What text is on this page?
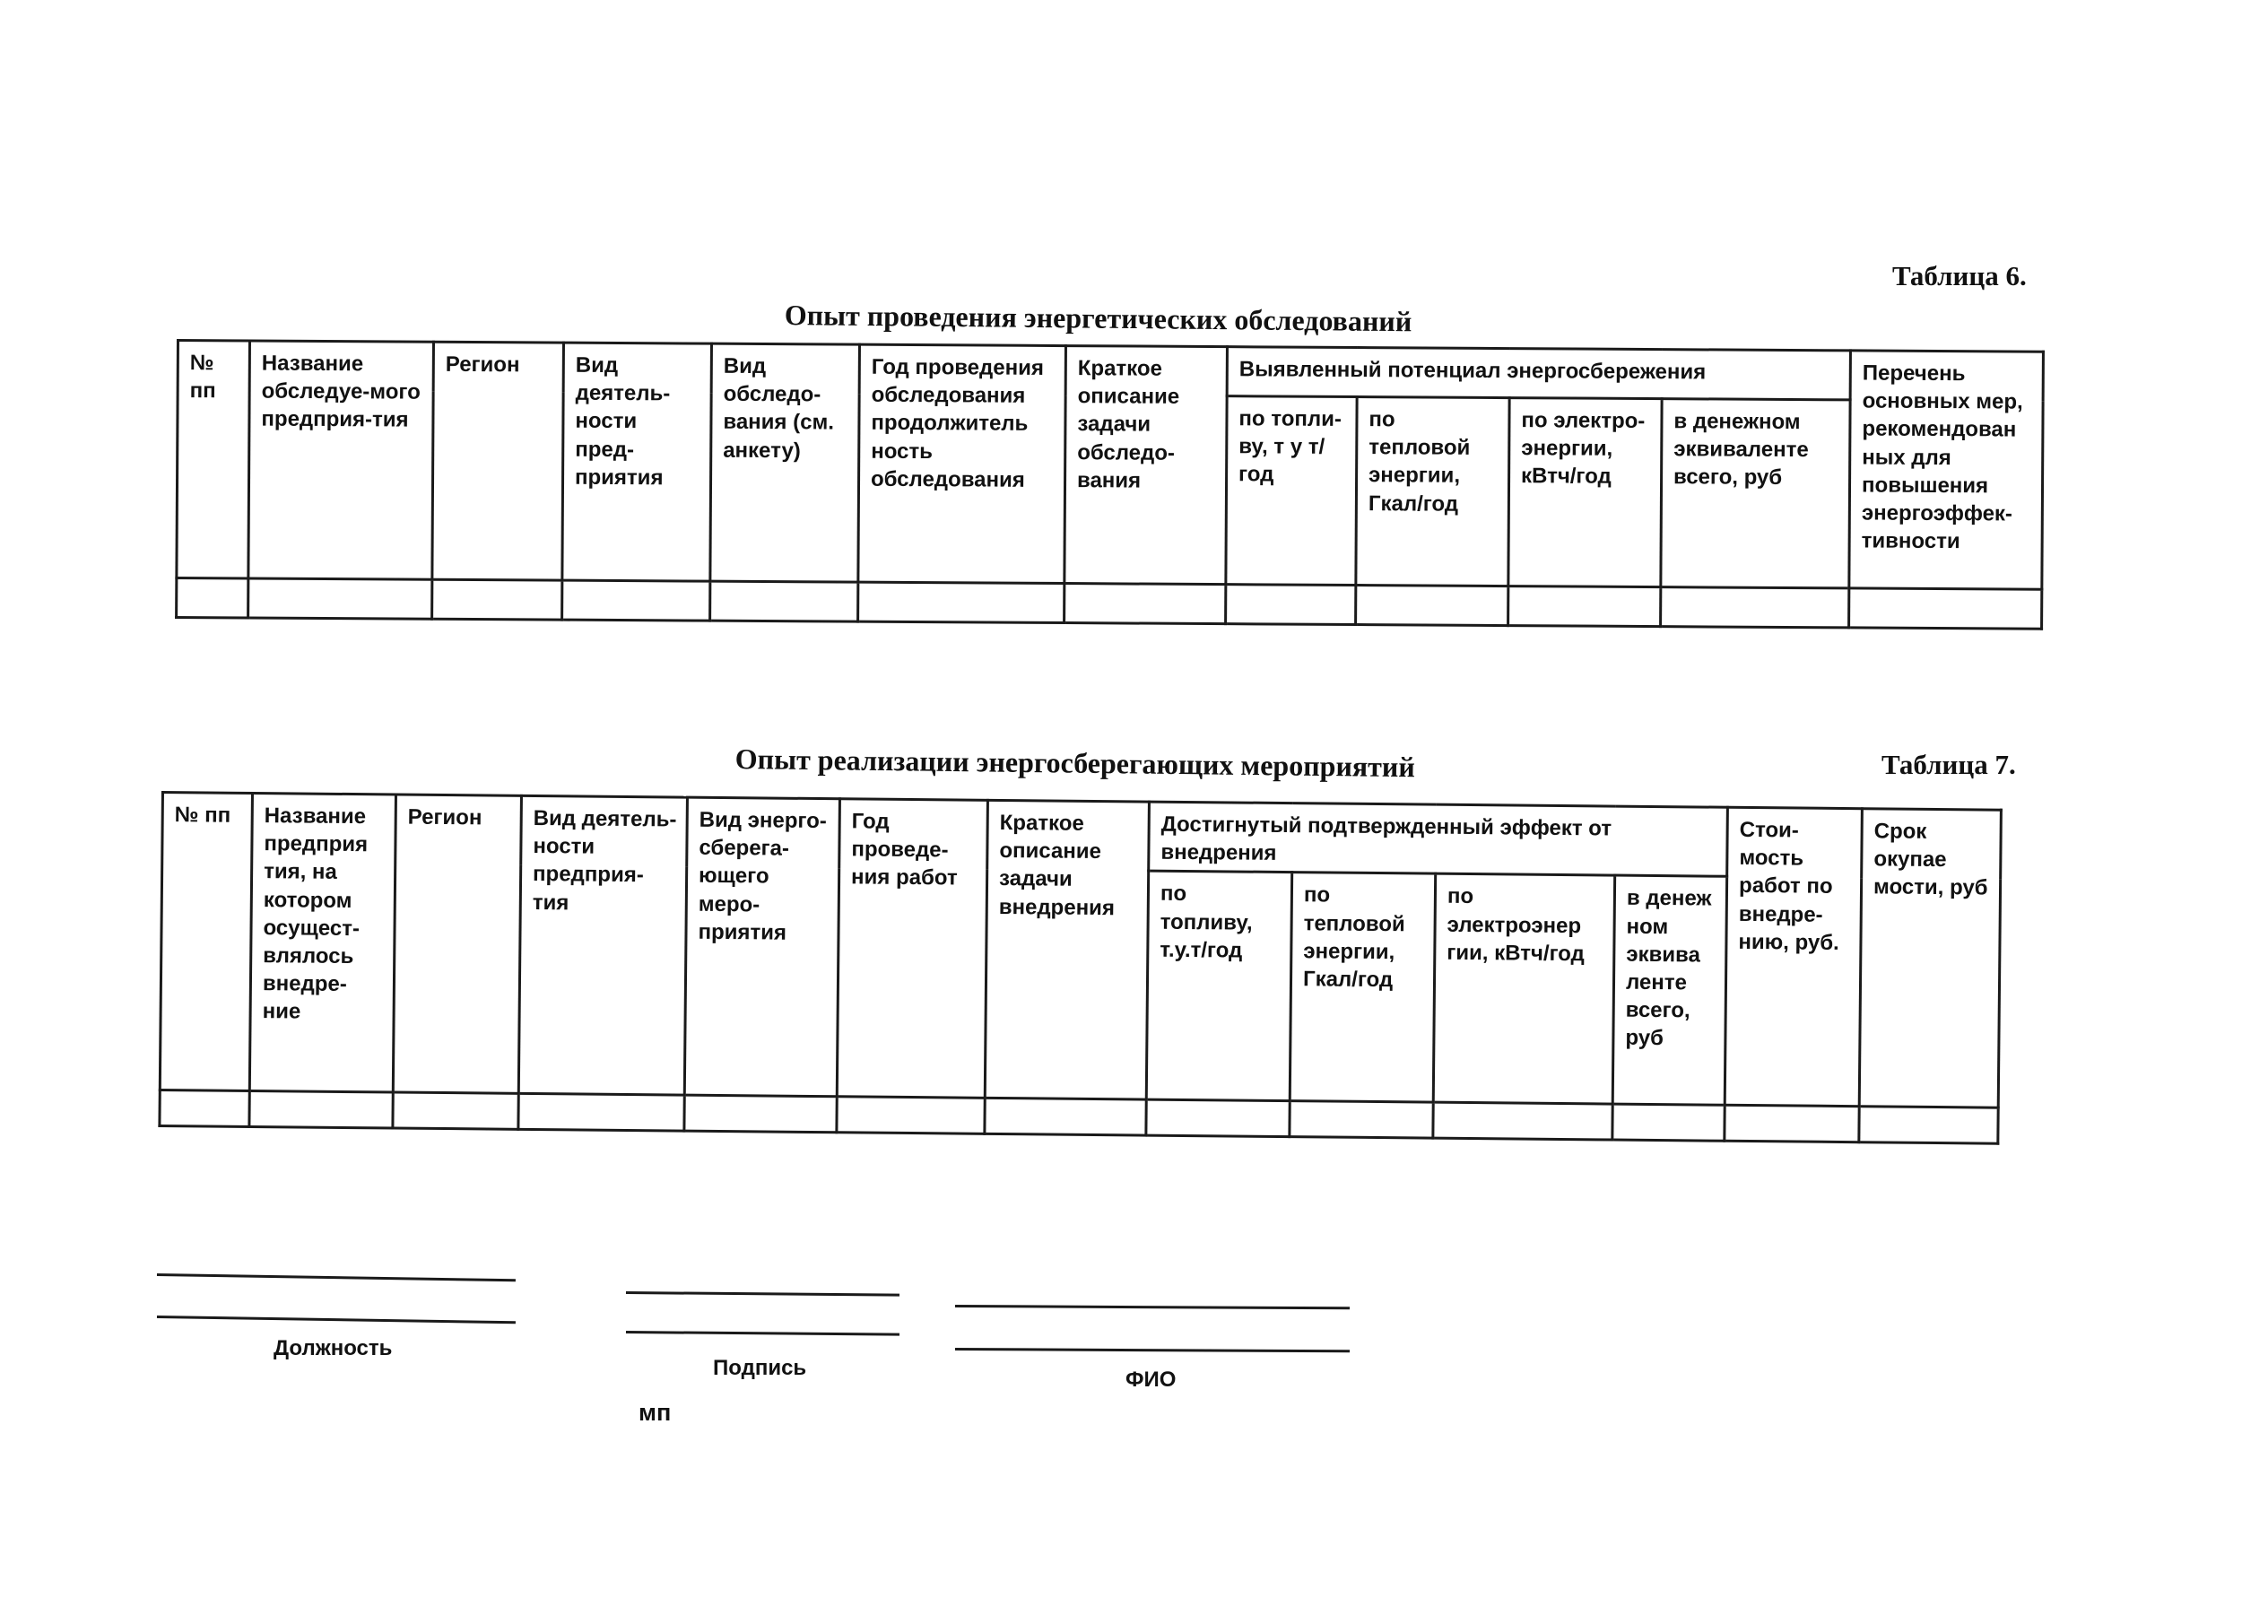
Таблица 6.
Опыт проведения энергетических обследований
№ пп	Название обследуе-мого предприя-тия	Регион	Вид деятель-ности пред-приятия	Вид обследо-вания (см. анкету)	Год проведения обследования продолжитель ность обследования	Краткое описание задачи обследо-вания	Выявленный потенциал энергосбережения				Перечень основных мер, рекомендован ных для повышения энергоэффек-тивности
							по топли-ву, т у т/ год	по тепловой энергии, Гкал/год	по электро-энергии, кВтч/год	в денежном эквиваленте всего, руб	

Опыт реализации энергосберегающих мероприятий	Таблица 7.
№ пп	Название предприя тия, на котором осущест-влялось внедре-ние	Регион	Вид деятель-ности предприя-тия	Вид энерго-сберега-ющего меро-приятия	Год проведе-ния работ	Краткое описание задачи внедрения	Достигнутый подтвержденный эффект от внедрения				Стои-мость работ по внедре-нию, руб.	Срок окупае мости, руб
							по топливу, т.у.т/год	по тепловой энергии, Гкал/год	по электроэнер гии, кВтч/год	в денеж ном эквива ленте всего, руб		

Должность
Подпись	ФИО
мп
